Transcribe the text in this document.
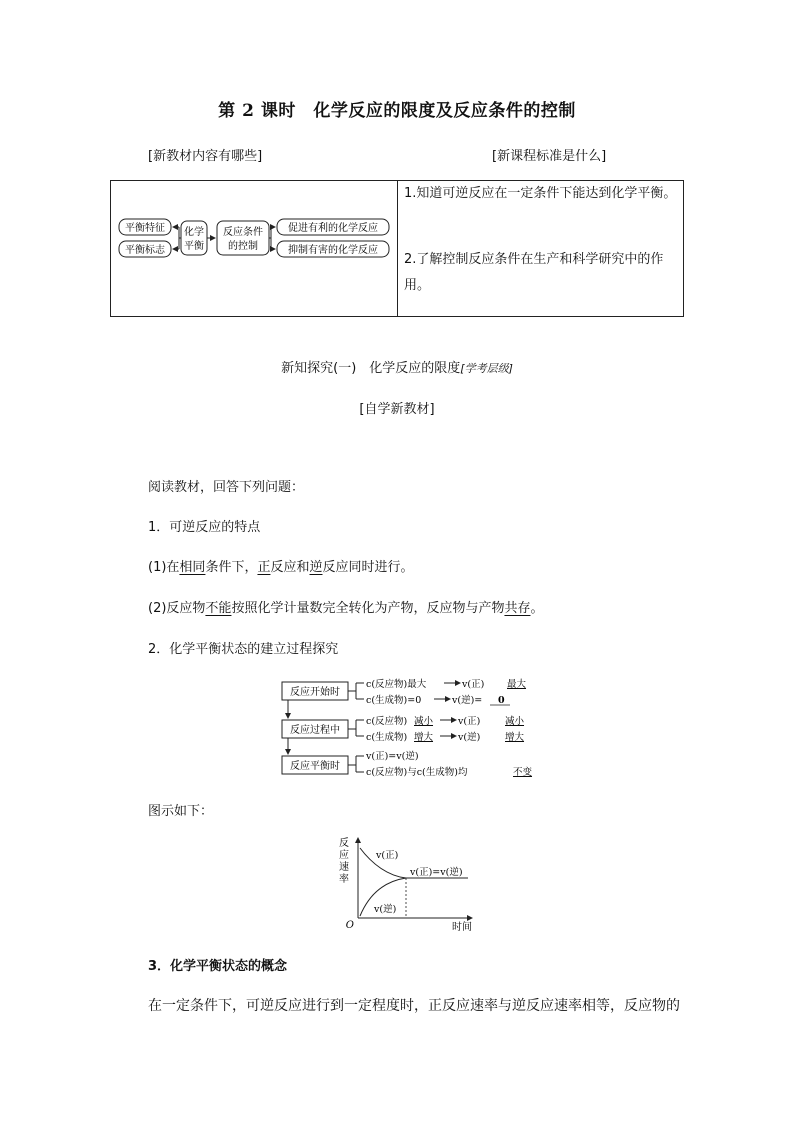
第 2 课时　化学反应的限度及反应条件的控制
[新教材内容有哪些]	[新课程标准是什么]
平衡特征
平衡标志
化学
平衡
反应条件
的控制
促进有利的化学反应
抑制有害的化学反应
1.知道可逆反应在一定条件下能达到化学平衡。
2.了解控制反应条件在生产和科学研究中的作用。
新知探究(一)　化学反应的限度[学考层级]
[自学新教材]
阅读教材，回答下列问题：
1．可逆反应的特点
(1)在相同条件下，正反应和逆反应同时进行。
(2)反应物不能按照化学计量数完全转化为产物，反应物与产物共存。
2．化学平衡状态的建立过程探究
反应开始时
反应过程中
反应平衡时
c(反应物)最大	v(正) 最大
c(生成物)=0	v(逆)= 0
c(反应物) 减小	v(正)	减小
c(生成物) 增大	v(逆)	增大
v(正)=v(逆)
c(反应物)与c(生成物)均	不变
图示如下：
反
应
速
率
O	时间
v(正)
v(逆)
v(正)=v(逆)
3．化学平衡状态的概念
在一定条件下，可逆反应进行到一定程度时，正反应速率与逆反应速率相等，反应物的
